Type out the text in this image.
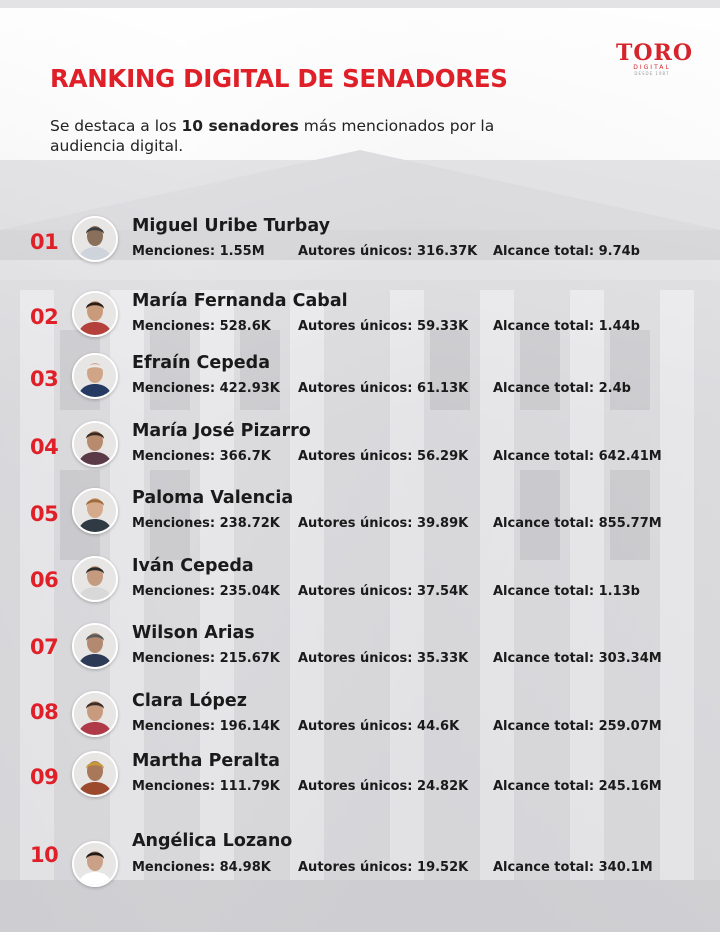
TORO
DIGITAL
DESDE 1987
RANKING DIGITAL DE SENADORES
Se destaca a los 10 senadores más mencionados por la audiencia digital.
01
Miguel Uribe Turbay
Menciones: 1.55M	Autores únicos: 316.37K Alcance total: 9.74b
02
María Fernanda Cabal
Menciones: 528.6K Autores únicos: 59.33K Alcance total: 1.44b
03
Efraín Cepeda
Menciones: 422.93K Autores únicos: 61.13K Alcance total: 2.4b
04
María José Pizarro
Menciones: 366.7K Autores únicos: 56.29K Alcance total: 642.41M
05
Paloma Valencia
Menciones: 238.72K Autores únicos: 39.89K Alcance total: 855.77M
06
Iván Cepeda
Menciones: 235.04K Autores únicos: 37.54K Alcance total: 1.13b
07
Wilson Arias
Menciones: 215.67K Autores únicos: 35.33K Alcance total: 303.34M
08	Clara López
Menciones: 196.14K Autores únicos: 44.6K	Alcance total: 259.07M
09
Martha Peralta
Menciones: 111.79K Autores únicos: 24.82K Alcance total: 245.16M
10
Angélica Lozano
Menciones: 84.98K Autores únicos: 19.52K Alcance total: 340.1M
